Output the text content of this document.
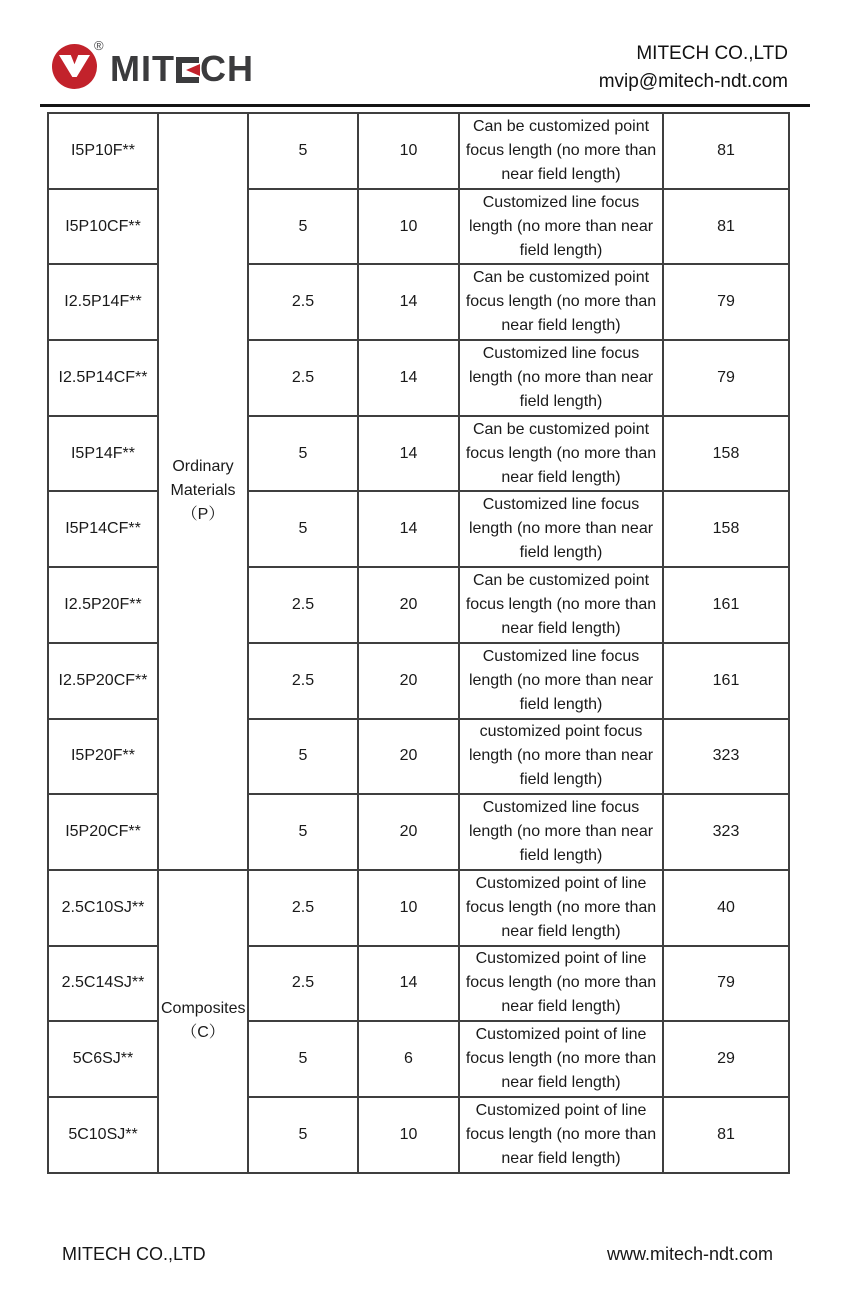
®
MIT CH	MITECH CO.,LTD
mvip@mitech-ndt.com
I5P10F**	Ordinary Materials （P）	5	10	Can be customized point focus length (no more than near field length)	81
I5P10CF**		5	10	Customized line focus length (no more than near field length)	81
I2.5P14F**		2.5	14	Can be customized point focus length (no more than near field length)	79
I2.5P14CF**		2.5	14	Customized line focus length (no more than near field length)	79
I5P14F**		5	14	Can be customized point focus length (no more than near field length)	158
I5P14CF**		5	14	Customized line focus length (no more than near field length)	158
I2.5P20F**		2.5	20	Can be customized point focus length (no more than near field length)	161
I2.5P20CF**		2.5	20	Customized line focus length (no more than near field length)	161
I5P20F**		5	20	customized point focus length (no more than near field length)	323
I5P20CF**		5	20	Customized line focus length (no more than near field length)	323
2.5C10SJ**	Composites （C）	2.5	10	Customized point of line focus length (no more than near field length)	40
2.5C14SJ**		2.5	14	Customized point of line focus length (no more than near field length)	79
5C6SJ**		5	6	Customized point of line focus length (no more than near field length)	29
5C10SJ**		5	10	Customized point of line focus length (no more than near field length)	81
MITECH CO.,LTD	www.mitech-ndt.com
